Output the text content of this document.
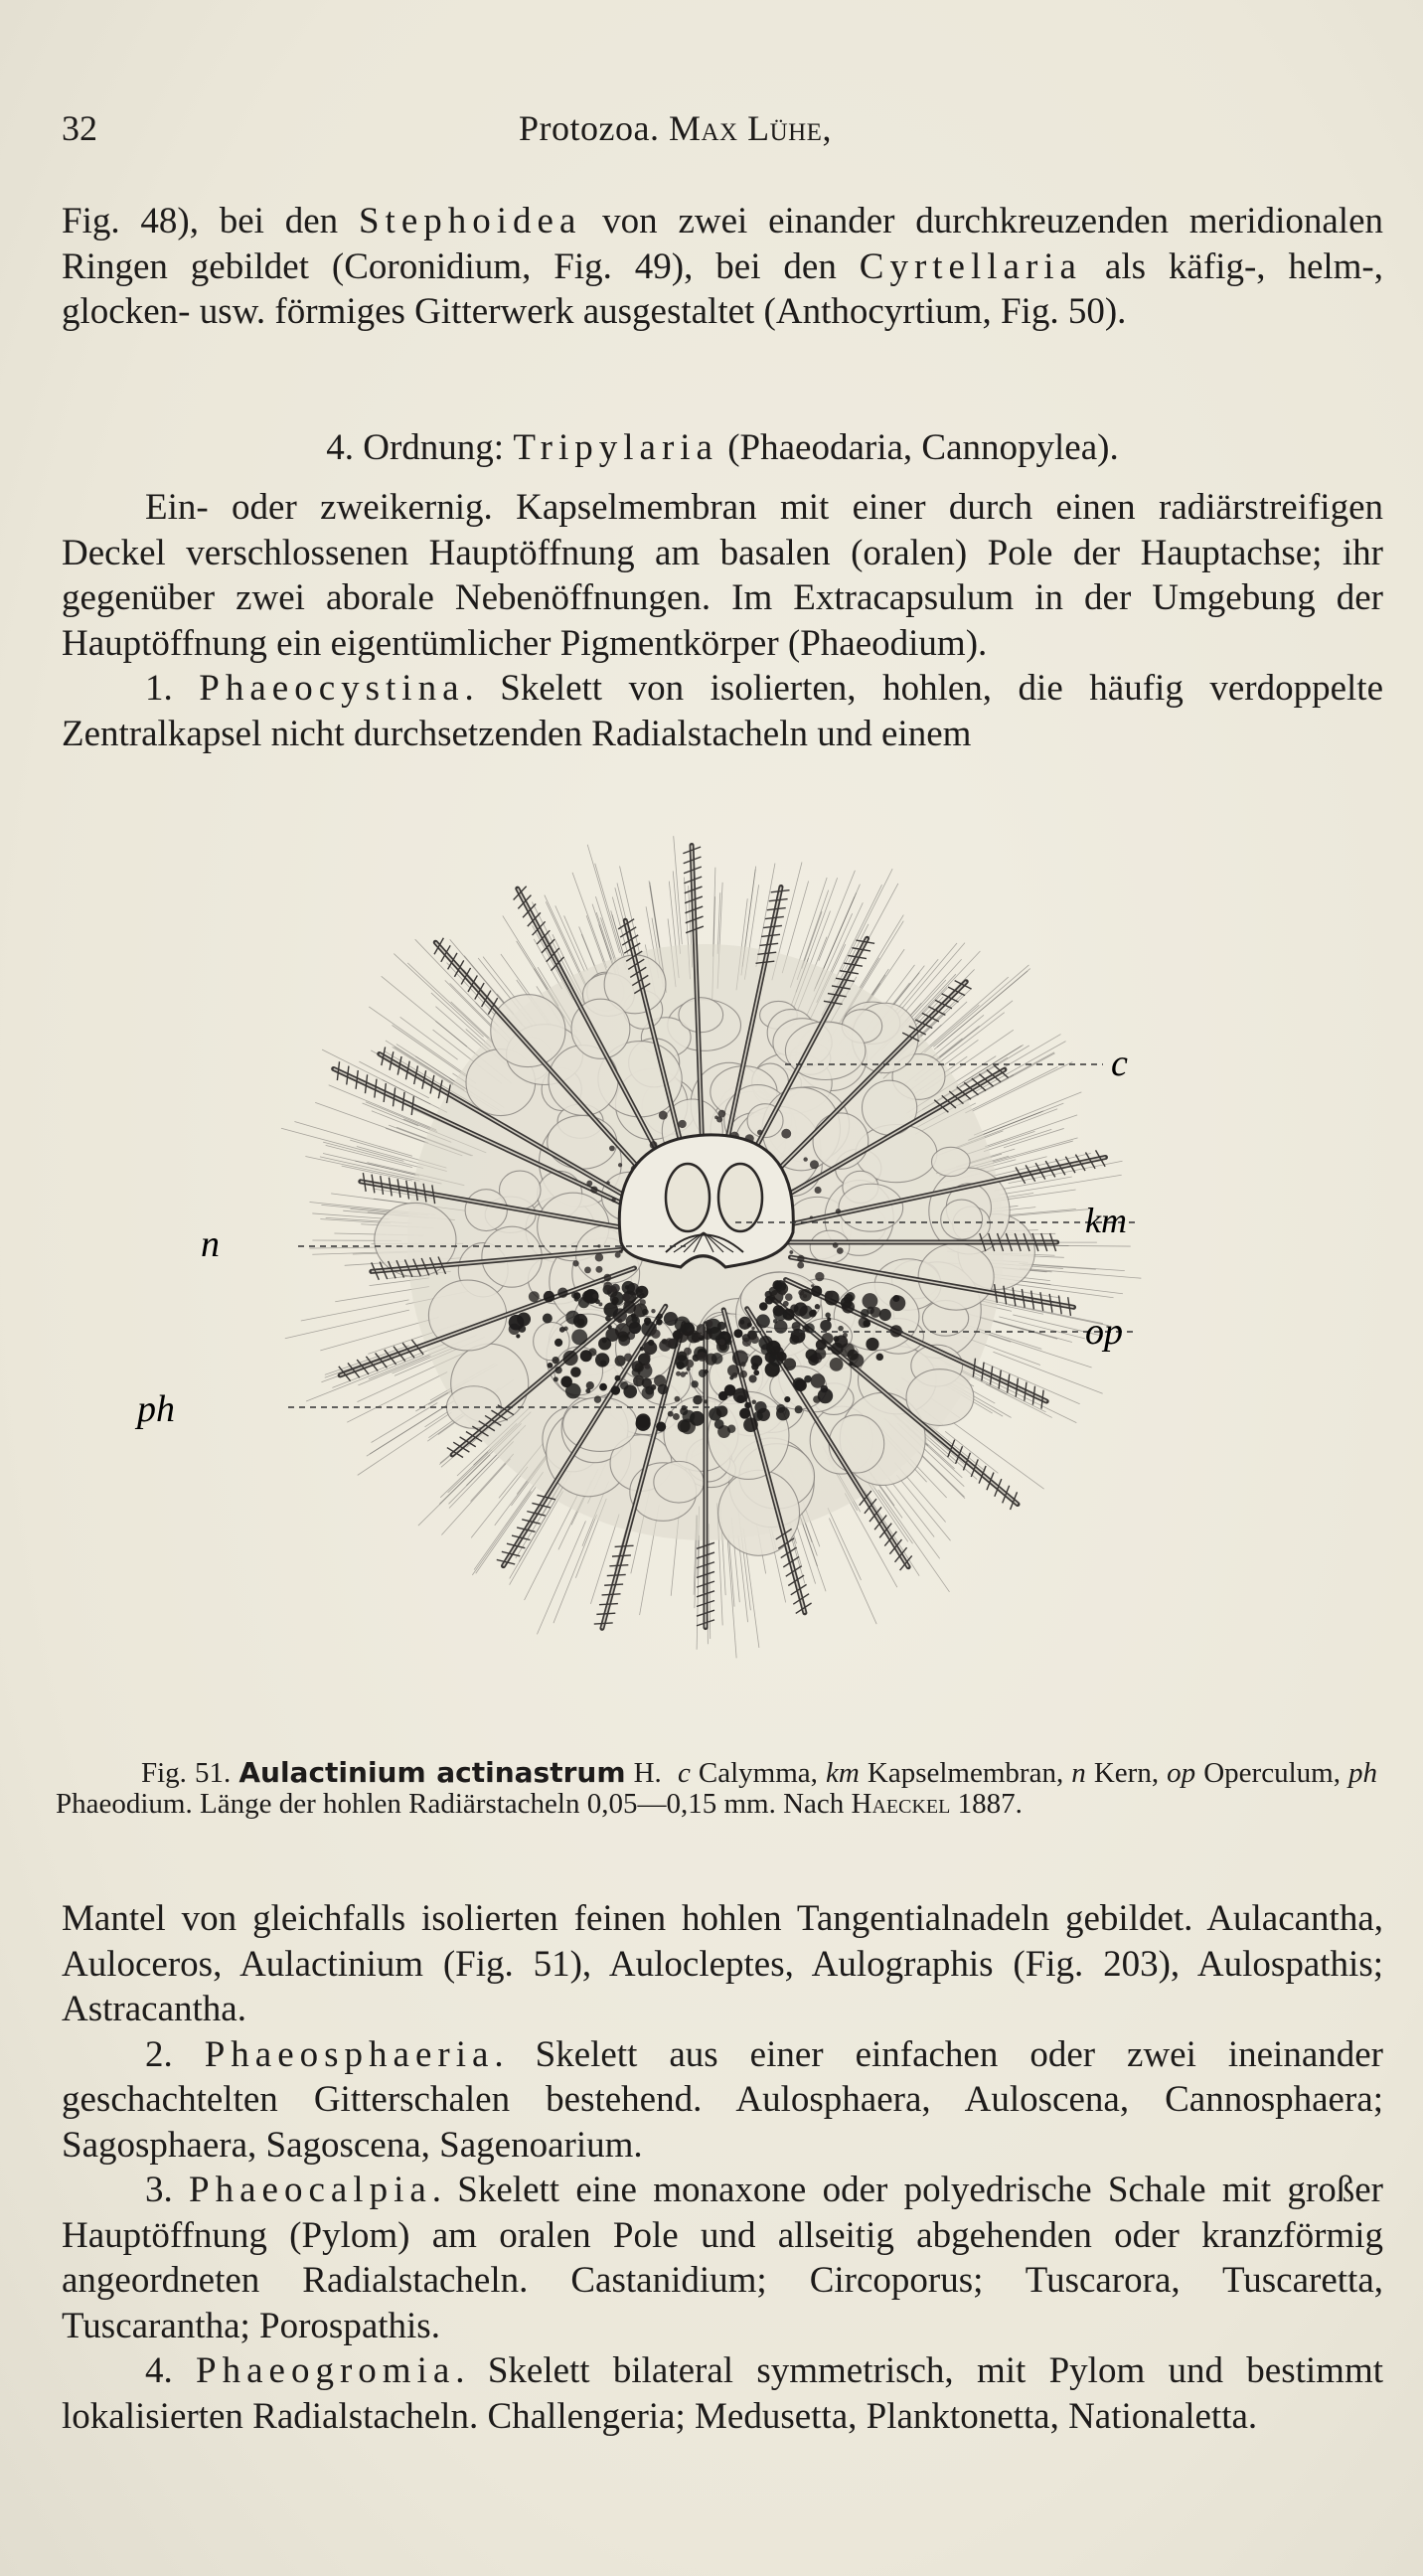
32	Protozoa. Max Lühe,

Fig. 48), bei den Stephoidea von zwei einander durchkreuzenden meridionalen Ringen gebildet (Coronidium, Fig. 49), bei den Cyrtellaria als käfig-, helm-, glocken- usw. förmiges Gitterwerk ausgestaltet (Anthocyrtium, Fig. 50).

4. Ordnung: Tripylaria (Phaeodaria, Cannopylea).

Ein- oder zweikernig. Kapselmembran mit einer durch einen radiärstreifigen Deckel verschlossenen Hauptöffnung am basalen (oralen) Pole der Hauptachse; ihr gegenüber zwei aborale Nebenöffnungen. Im Extracapsulum in der Umgebung der Hauptöffnung ein eigentümlicher Pigmentkörper (Phaeodium).

1. Phaeocystina. Skelett von isolierten, hohlen, die häufig verdoppelte Zentralkapsel nicht durchsetzenden Radialstacheln und einem

c
n
ph
km
op
Fig. 51. Aulactinium actinastrum H. c Calymma, km Kapselmembran, n Kern, op Operculum, ph Phaeodium. Länge der hohlen Radiärstacheln 0,05—0,15 mm. Nach Haeckel 1887.

Mantel von gleichfalls isolierten feinen hohlen Tangentialnadeln gebildet. Aulacantha, Auloceros, Aulactinium (Fig. 51), Aulocleptes, Aulographis (Fig. 203), Aulospathis; Astracantha.

2. Phaeosphaeria. Skelett aus einer einfachen oder zwei ineinander geschachtelten Gitterschalen bestehend. Aulosphaera, Auloscena, Cannosphaera; Sagosphaera, Sagoscena, Sagenoarium.

3. Phaeocalpia. Skelett eine monaxone oder polyedrische Schale mit großer Hauptöffnung (Pylom) am oralen Pole und allseitig abgehenden oder kranzförmig angeordneten Radialstacheln. Castanidium; Circoporus; Tuscarora, Tuscaretta, Tuscarantha; Porospathis.

4. Phaeogromia. Skelett bilateral symmetrisch, mit Pylom und bestimmt lokalisierten Radialstacheln. Challengeria; Medusetta, Planktonetta, Nationaletta.
